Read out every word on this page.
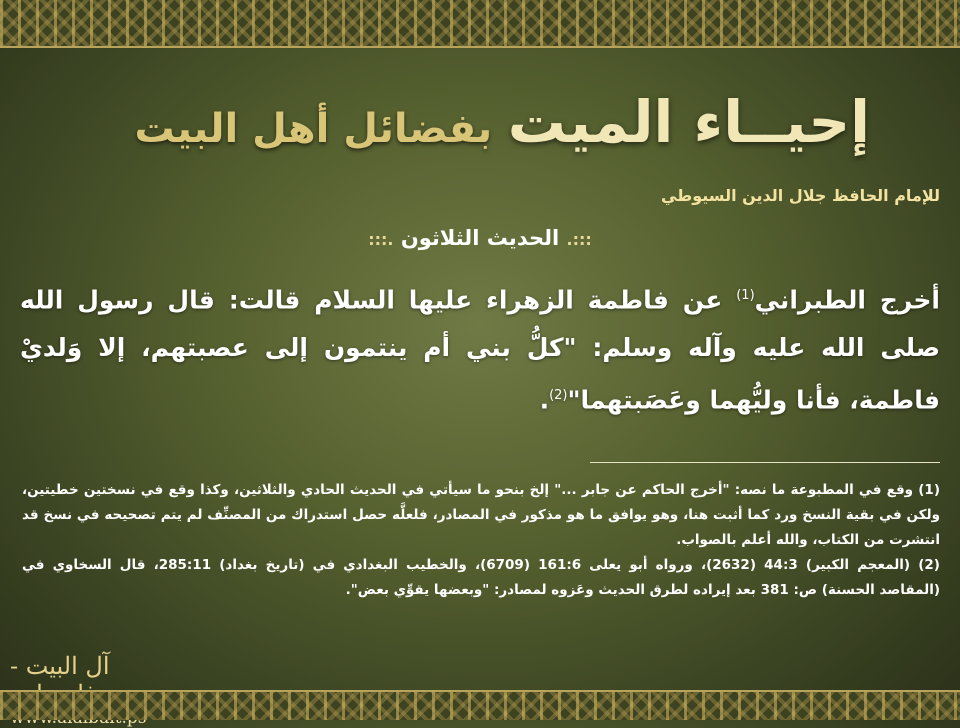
إحيــاء الميت بفضائل أهل البيت
للإمام الحافظ جلال الدين السيوطي
:::. الحديث الثلاثون .:::
أخرج الطبراني$^{(1)}$ عن فاطمة الزهراء عليها السلام قالت: قال رسول الله صلى الله عليه وآله وسلم: "كلُّ بني أم ينتمون إلى عصبتهم، إلا وَلديْ فاطمة، فأنا وليُّهما وعَصَبتهما"$^{(2)}$.

(1) وقع في المطبوعة ما نصه: "أخرج الحاكم عن جابر ..." إلخ بنحو ما سيأتي في الحديث الحادي والثلاثين، وكذا وقع في نسختين خطيتين، ولكن في بقية النسخ ورد كما أثبت هنا، وهو يوافق ما هو مذكور في المصادر، فلعلَّه حصل استدراك من المصنِّف لم يتم تصحيحه في نسخ قد انتشرت من الكتاب، والله أعلم بالصواب.

(2) (المعجم الكبير) 44:3 (2632)، ورواه أبو يعلى 161:6 (6709)، والخطيب البغدادي في (تاريخ بغداد) 285:11، قال السخاوي في (المقاصد الحسنة) ص: 381 بعد إيراده لطرق الحديث وعَزوه لمصادر: "وبعضها يقوِّي بعض".

آل البيت -
